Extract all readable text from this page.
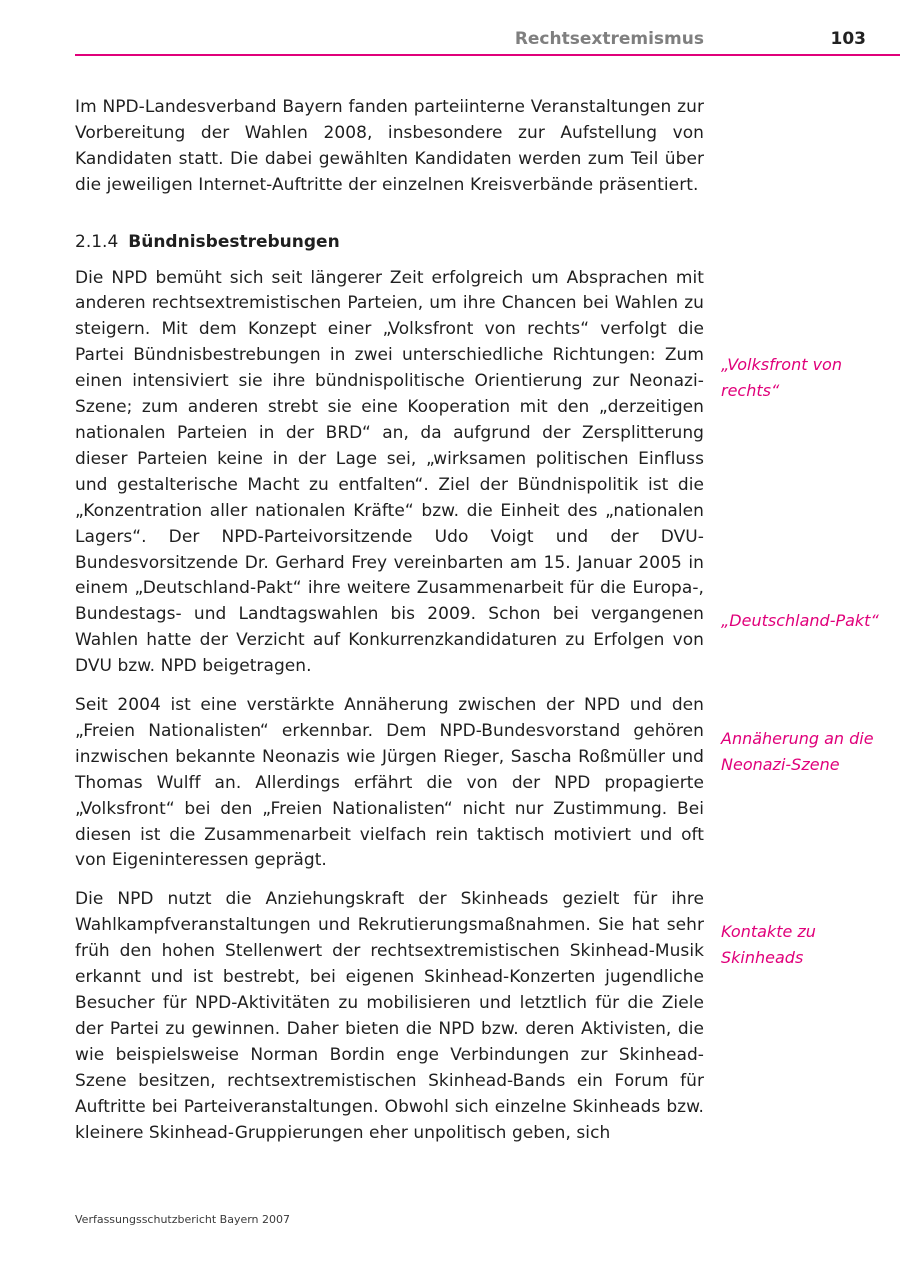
Rechtsextremismus	103

Im NPD-Landesverband Bayern fanden parteiinterne Veranstaltungen zur Vorbereitung der Wahlen 2008, insbesondere zur Aufstellung von Kandidaten statt. Die dabei gewählten Kandidaten werden zum Teil über die jeweiligen Internet-Auftritte der einzelnen Kreisverbände präsentiert.

2.1.4 Bündnisbestrebungen

Die NPD bemüht sich seit längerer Zeit erfolgreich um Absprachen mit anderen rechtsextremistischen Parteien, um ihre Chancen bei Wahlen zu steigern. Mit dem Konzept einer „Volksfront von rechts“ verfolgt die Partei Bündnisbestrebungen in zwei unterschiedliche Richtungen: Zum einen intensiviert sie ihre bündnispolitische Orientierung zur Neonazi-Szene; zum anderen strebt sie eine Kooperation mit den „derzeitigen nationalen Parteien in der BRD“ an, da aufgrund der Zersplitterung dieser Parteien keine in der Lage sei, „wirksamen politischen Einfluss und gestalterische Macht zu entfalten“. Ziel der Bündnispolitik ist die „Konzentration aller nationalen Kräfte“ bzw. die Einheit des „nationalen Lagers“. Der NPD-Parteivorsitzende Udo Voigt und der DVU-Bundesvorsitzende Dr. Gerhard Frey vereinbarten am 15. Januar 2005 in einem „Deutschland-Pakt“ ihre weitere Zusammenarbeit für die Europa-, Bundestags- und Landtagswahlen bis 2009. Schon bei vergangenen Wahlen hatte der Verzicht auf Konkurrenzkandidaturen zu Erfolgen von DVU bzw. NPD beigetragen.

Seit 2004 ist eine verstärkte Annäherung zwischen der NPD und den „Freien Nationalisten“ erkennbar. Dem NPD-Bundesvorstand gehören inzwischen bekannte Neonazis wie Jürgen Rieger, Sascha Roßmüller und Thomas Wulff an. Allerdings erfährt die von der NPD propagierte „Volksfront“ bei den „Freien Nationalisten“ nicht nur Zustimmung. Bei diesen ist die Zusammenarbeit vielfach rein taktisch motiviert und oft von Eigeninteressen geprägt.

Die NPD nutzt die Anziehungskraft der Skinheads gezielt für ihre Wahlkampfveranstaltungen und Rekrutierungsmaßnahmen. Sie hat sehr früh den hohen Stellenwert der rechtsextremistischen Skinhead-Musik erkannt und ist bestrebt, bei eigenen Skinhead-Konzerten jugendliche Besucher für NPD-Aktivitäten zu mobilisieren und letztlich für die Ziele der Partei zu gewinnen. Daher bieten die NPD bzw. deren Aktivisten, die wie beispielsweise Norman Bordin enge Verbindungen zur Skinhead-Szene besitzen, rechtsextremistischen Skinhead-Bands ein Forum für Auftritte bei Parteiveranstaltungen. Obwohl sich einzelne Skinheads bzw. kleinere Skinhead-Gruppierungen eher unpolitisch geben, sich

„Volksfront von rechts“
„Deutschland-Pakt“
Annäherung an die Neonazi-Szene
Kontakte zu Skinheads
Verfassungsschutzbericht Bayern 2007
